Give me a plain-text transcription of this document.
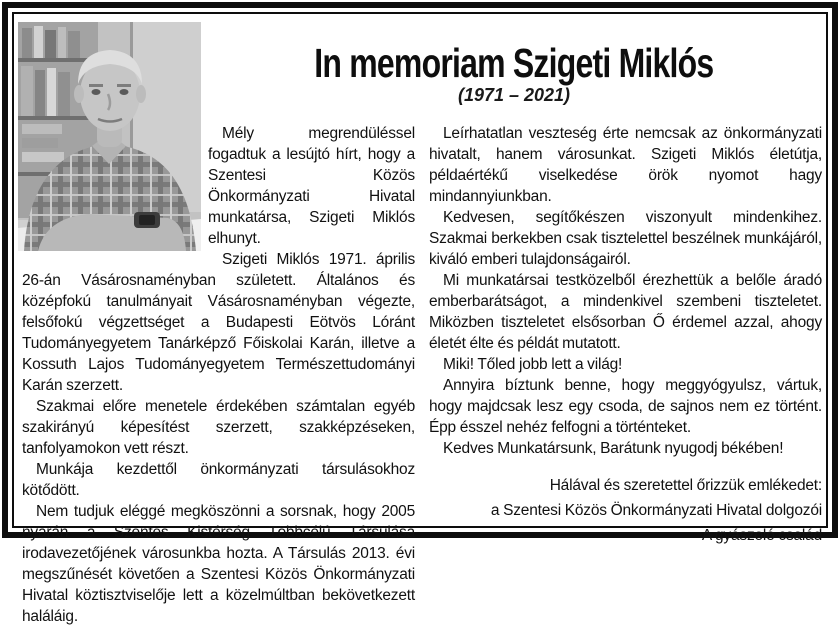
In memoriam Szigeti Miklós
(1971 – 2021)

Mély megrendüléssel fogadtuk a lesújtó hírt, hogy a Szentesi Közös Önkormányzati Hivatal munkatársa, Szigeti Miklós elhunyt.

Szigeti Miklós 1971. április 26-án Vásárosnaményban született. Általános és középfokú tanulmányait Vásárosnaményban végezte, felsőfokú végzettséget a Budapesti Eötvös Lóránt Tudományegyetem Tanárképző Főiskolai Karán, illetve a Kossuth Lajos Tudományegyetem Természettudományi Karán szerzett.

Szakmai előre menetele érdekében számtalan egyéb szakirányú képesítést szerzett, szakképzéseken, tanfolyamokon vett részt.

Munkája kezdettől önkormányzati társulásokhoz kötődött.

Nem tudjuk eléggé megköszönni a sorsnak, hogy 2005 nyarán a Szentes Kistérség Többcélú Társulása irodavezetőjének városunkba hozta. A Társulás 2013. évi megszűnését követően a Szentesi Közös Önkormányzati Hivatal köztisztviselője lett a közelmúltban bekövetkezett haláláig.

Leírhatatlan veszteség érte nemcsak az önkormányzati hivatalt, hanem városunkat. Szigeti Miklós életútja, példaértékű viselkedése örök nyomot hagy mindannyiunkban.

Kedvesen, segítőkészen viszonyult mindenkihez. Szakmai berkekben csak tisztelettel beszélnek munkájáról, kiváló emberi tulajdonságairól.

Mi munkatársai testközelből érezhettük a belőle áradó emberbarátságot, a mindenkivel szembeni tiszteletet. Miközben tiszteletet elsősorban Ő érdemel azzal, ahogy életét élte és példát mutatott.

Miki! Tőled jobb lett a világ!

Annyira bíztunk benne, hogy meggyógyulsz, vártuk, hogy majdcsak lesz egy csoda, de sajnos nem ez történt. Épp ésszel nehéz felfogni a történteket.

Kedves Munkatársunk, Barátunk nyugodj békében!

Hálával és szeretettel őrizzük emlékedet:
a Szentesi Közös Önkormányzati Hivatal dolgozói
A gyászoló család
